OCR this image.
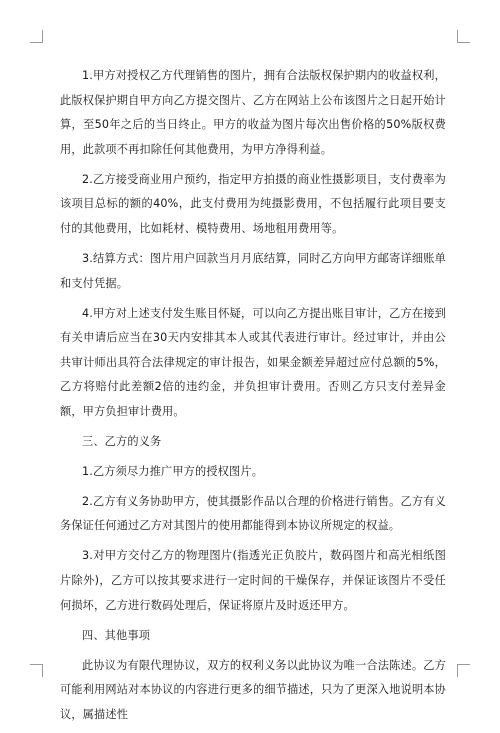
1.甲方对授权乙方代理销售的图片，拥有合法版权保护期内的收益权利，此版权保护期自甲方向乙方提交图片、乙方在网站上公布该图片之日起开始计算，至50年之后的当日终止。甲方的收益为图片每次出售价格的50%版权费用，此款项不再扣除任何其他费用，为甲方净得利益。

2.乙方接受商业用户预约，指定甲方拍摄的商业性摄影项目，支付费率为该项目总标的额的40%，此支付费用为纯摄影费用，不包括履行此项目要支付的其他费用，比如耗材、模特费用、场地租用费用等。

3.结算方式：图片用户回款当月月底结算，同时乙方向甲方邮寄详细账单和支付凭据。

4.甲方对上述支付发生账目怀疑，可以向乙方提出账目审计，乙方在接到有关申请后应当在30天内安排其本人或其代表进行审计。经过审计，并由公共审计师出具符合法律规定的审计报告，如果金额差异超过应付总额的5%，乙方将赔付此差额2倍的违约金，并负担审计费用。否则乙方只支付差异金额，甲方负担审计费用。

三、乙方的义务

1.乙方须尽力推广甲方的授权图片。

2.乙方有义务协助甲方，使其摄影作品以合理的价格进行销售。乙方有义务保证任何通过乙方对其图片的使用都能得到本协议所规定的权益。

3.对甲方交付乙方的物理图片(指透光正负胶片，数码图片和高光相纸图片除外)，乙方可以按其要求进行一定时间的干燥保存，并保证该图片不受任何损坏，乙方进行数码处理后，保证将原片及时返还甲方。

四、其他事项

此协议为有限代理协议，双方的权利义务以此协议为唯一合法陈述。乙方可能利用网站对本协议的内容进行更多的细节描述，只为了更深入地说明本协议，属描述性
